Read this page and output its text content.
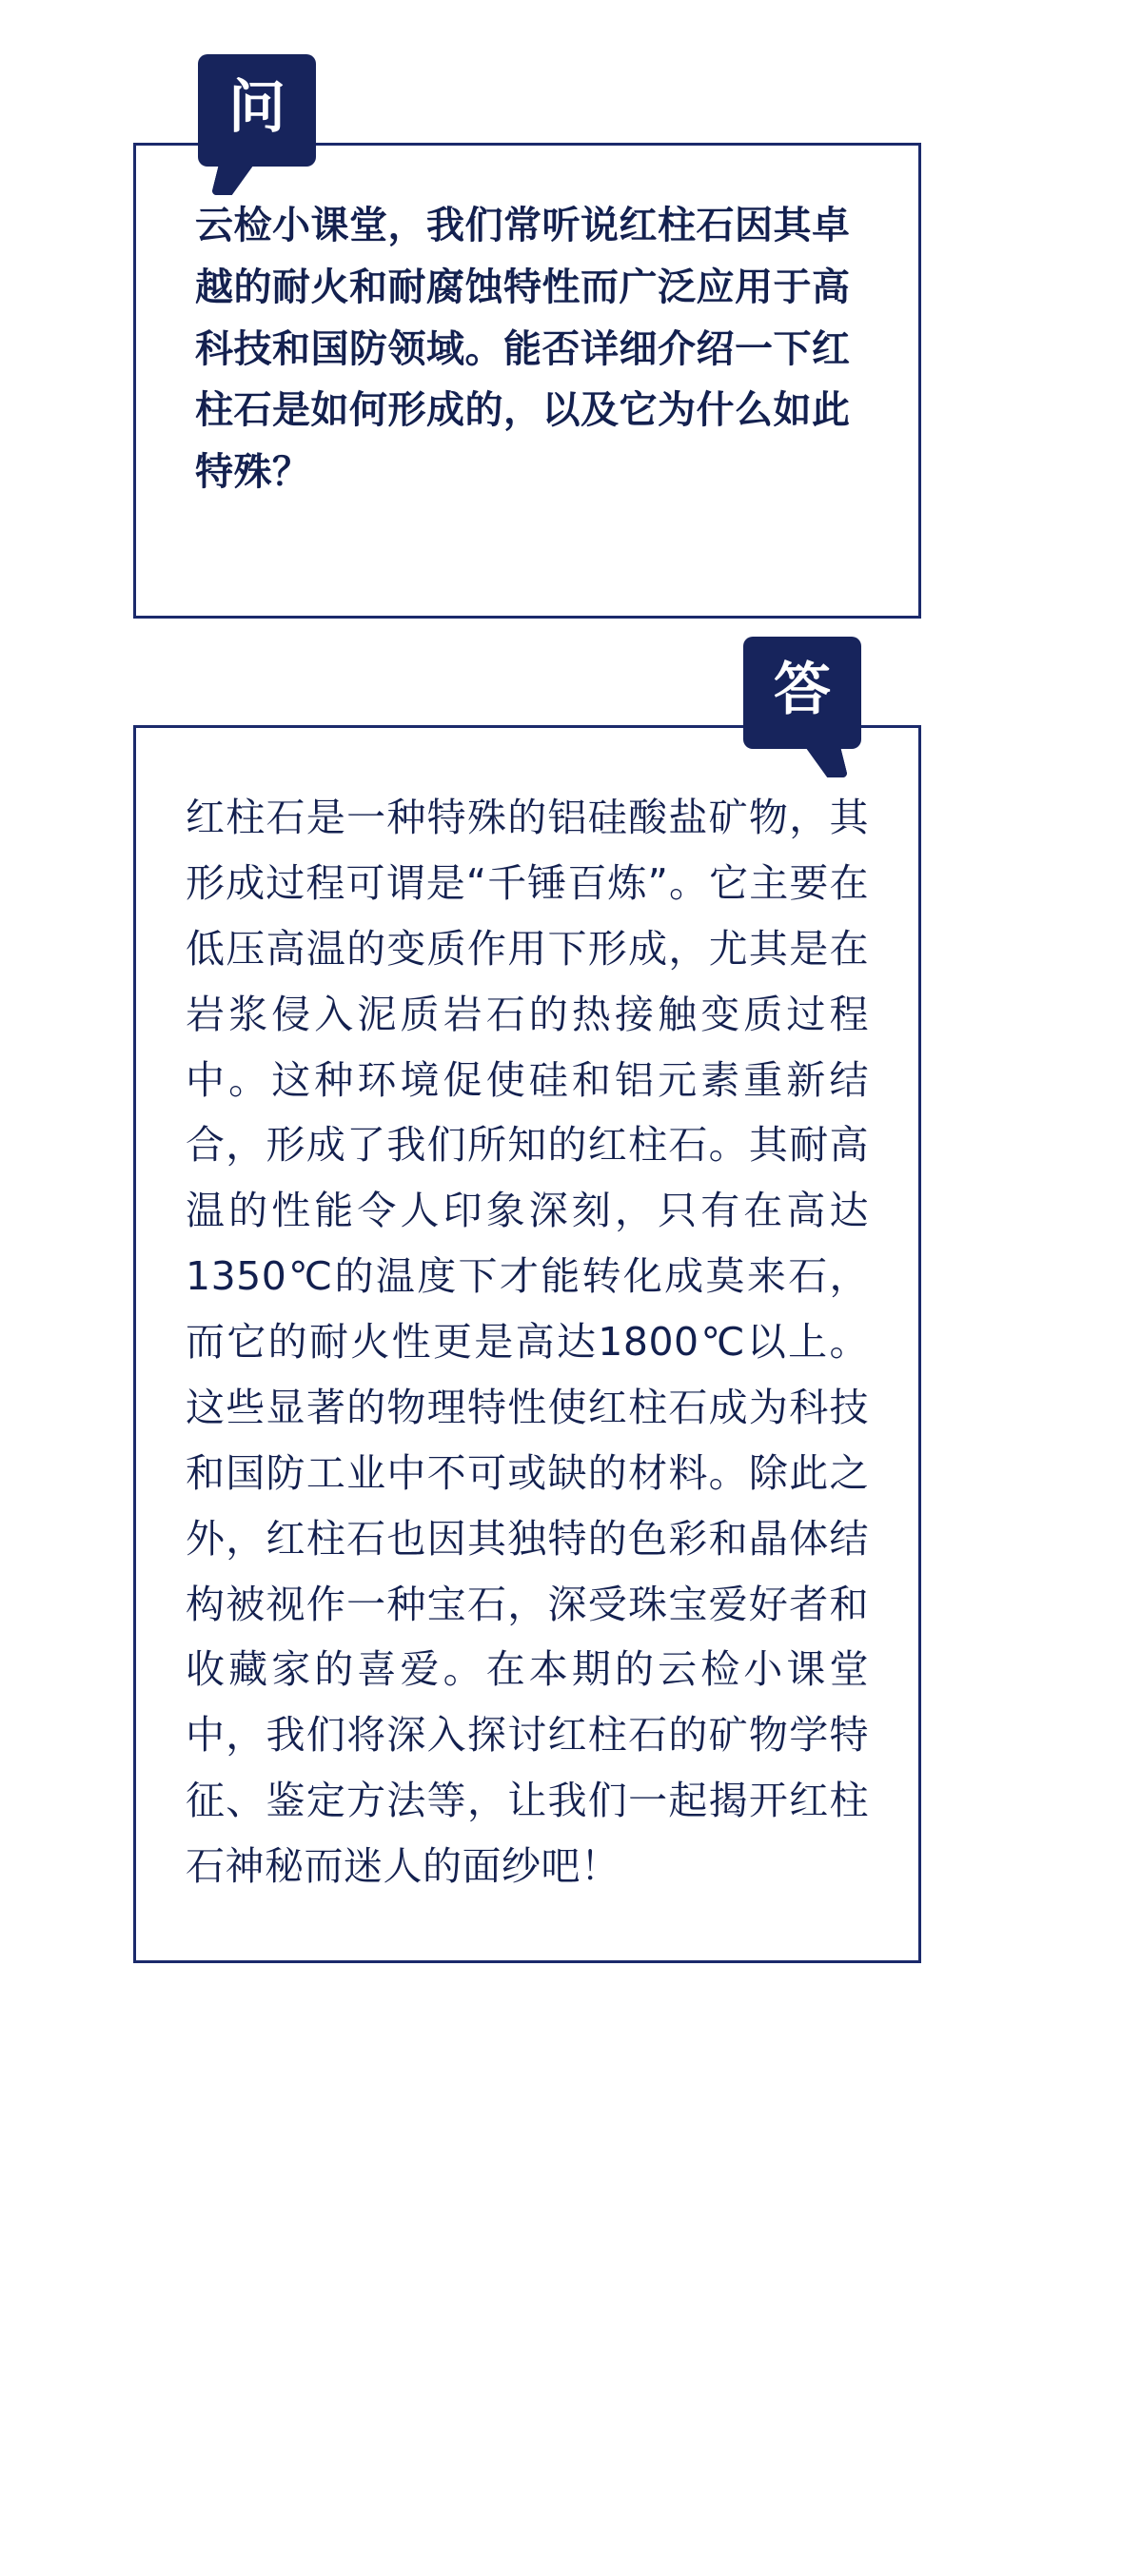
问
云检小课堂，我们常听说红柱石因其卓越的耐火和耐腐蚀特性而广泛应用于高科技和国防领域。能否详细介绍一下红柱石是如何形成的，以及它为什么如此特殊？
答
红柱石是一种特殊的铝硅酸盐矿物，其形成过程可谓是“千锤百炼”。它主要在低压高温的变质作用下形成，尤其是在岩浆侵入泥质岩石的热接触变质过程中。这种环境促使硅和铝元素重新结合，形成了我们所知的红柱石。其耐高温的性能令人印象深刻，只有在高达1350℃的温度下才能转化成莫来石，而它的耐火性更是高达1800℃以上。这些显著的物理特性使红柱石成为科技和国防工业中不可或缺的材料。除此之外，红柱石也因其独特的色彩和晶体结构被视作一种宝石，深受珠宝爱好者和收藏家的喜爱。在本期的云检小课堂中，我们将深入探讨红柱石的矿物学特征、鉴定方法等，让我们一起揭开红柱石神秘而迷人的面纱吧！
